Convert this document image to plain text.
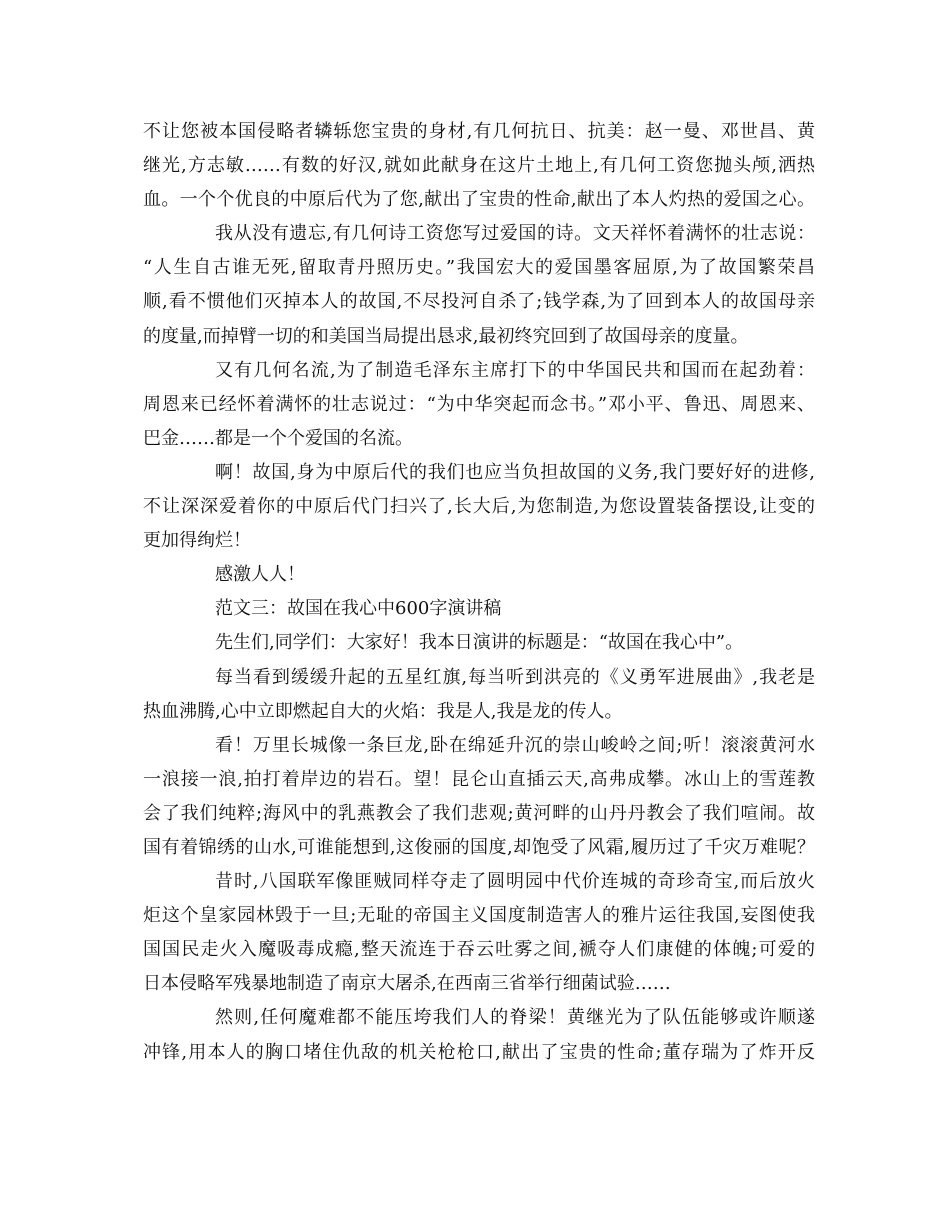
不让您被本国侵略者辚轹您宝贵的身材,有几何抗日、抗美：赵一曼、邓世昌、黄
继光,方志敏……有数的好汉,就如此献身在这片土地上,有几何工资您抛头颅,洒热
血。一个个优良的中原后代为了您,献出了宝贵的性命,献出了本人灼热的爱国之心。
我从没有遗忘,有几何诗工资您写过爱国的诗。文天祥怀着满怀的壮志说：
“人生自古谁无死,留取青丹照历史。”我国宏大的爱国墨客屈原,为了故国繁荣昌
顺,看不惯他们灭掉本人的故国,不尽投河自杀了;钱学森,为了回到本人的故国母亲
的度量,而掉臂一切的和美国当局提出恳求,最初终究回到了故国母亲的度量。
又有几何名流,为了制造毛泽东主席打下的中华国民共和国而在起劲着：
周恩来已经怀着满怀的壮志说过：“为中华突起而念书。”邓小平、鲁迅、周恩来、
巴金……都是一个个爱国的名流。
啊！故国,身为中原后代的我们也应当负担故国的义务,我门要好好的进修,
不让深深爱着你的中原后代门扫兴了,长大后,为您制造,为您设置装备摆设,让变的
更加得绚烂！
感激人人！
范文三：故国在我心中600字演讲稿
先生们,同学们：大家好！我本日演讲的标题是：“故国在我心中”。
每当看到缓缓升起的五星红旗,每当听到洪亮的《义勇军进展曲》,我老是
热血沸腾,心中立即燃起自大的火焰：我是人,我是龙的传人。
看！万里长城像一条巨龙,卧在绵延升沉的崇山峻岭之间;听！滚滚黄河水
一浪接一浪,拍打着岸边的岩石。望！昆仑山直插云天,高弗成攀。冰山上的雪莲教
会了我们纯粹;海风中的乳燕教会了我们悲观;黄河畔的山丹丹教会了我们喧闹。故
国有着锦绣的山水,可谁能想到,这俊丽的国度,却饱受了风霜,履历过了千灾万难呢？
昔时,八国联军像匪贼同样夺走了圆明园中代价连城的奇珍奇宝,而后放火
炬这个皇家园林毁于一旦;无耻的帝国主义国度制造害人的雅片运往我国,妄图使我
国国民走火入魔吸毒成瘾,整天流连于吞云吐雾之间,褫夺人们康健的体魄;可爱的
日本侵略军残暴地制造了南京大屠杀,在西南三省举行细菌试验……
然则,任何魔难都不能压垮我们人的脊梁！黄继光为了队伍能够或许顺遂
冲锋,用本人的胸口堵住仇敌的机关枪枪口,献出了宝贵的性命;董存瑞为了炸开反
